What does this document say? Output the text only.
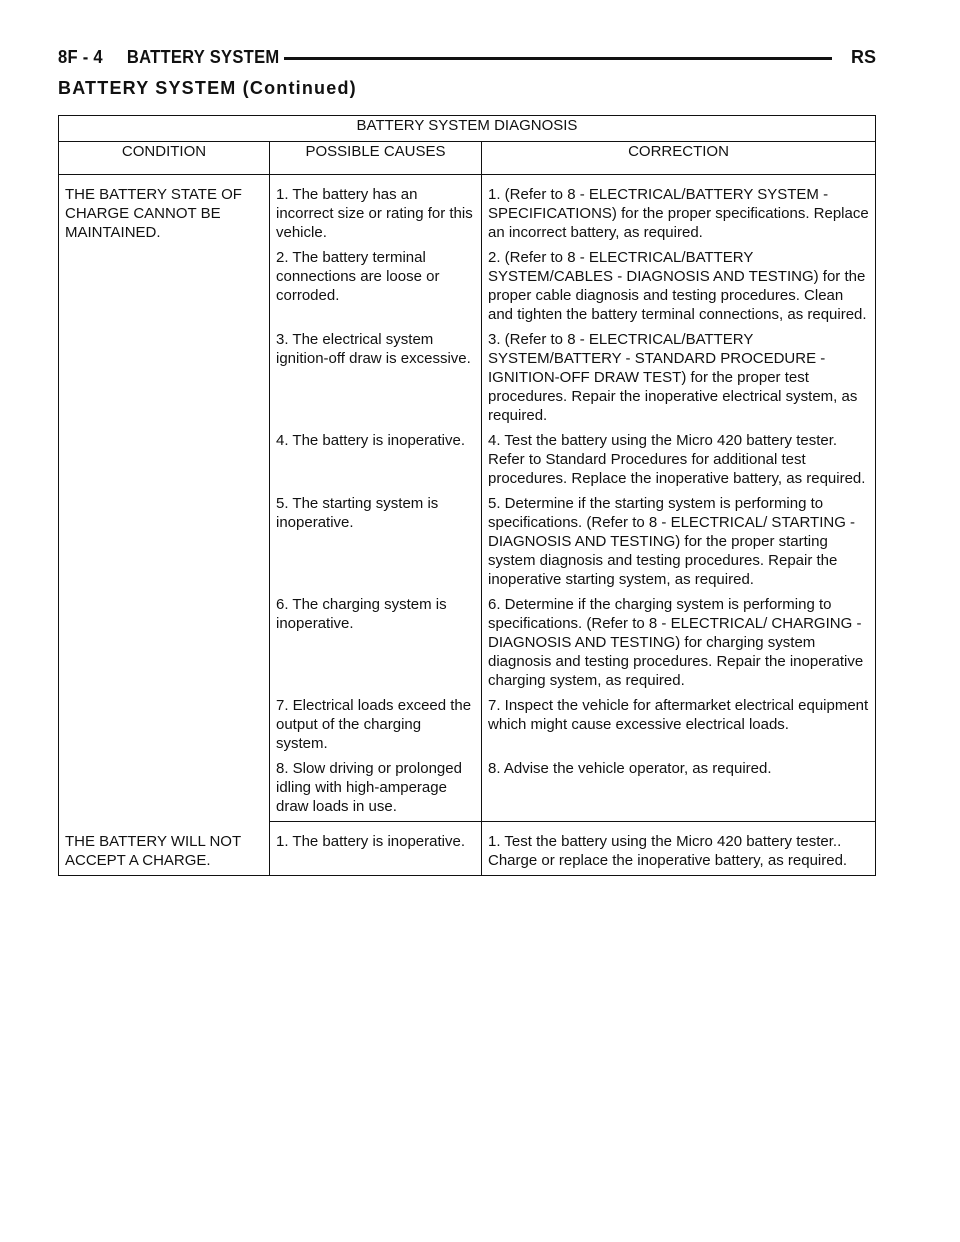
8F - 4 BATTERY SYSTEM	RS
BATTERY SYSTEM (Continued)
BATTERY SYSTEM DIAGNOSIS		
CONDITION	POSSIBLE CAUSES	CORRECTION
THE BATTERY STATE OF CHARGE CANNOT BE MAINTAINED.	1. The battery has an incorrect size or rating for this vehicle.	1. (Refer to 8 - ELECTRICAL/BATTERY SYSTEM - SPECIFICATIONS) for the proper specifications. Replace an incorrect battery, as required.
	2. The battery terminal connections are loose or corroded.	2. (Refer to 8 - ELECTRICAL/BATTERY SYSTEM/CABLES - DIAGNOSIS AND TESTING) for the proper cable diagnosis and testing procedures. Clean and tighten the battery terminal connections, as required.
	3. The electrical system ignition-off draw is excessive.	3. (Refer to 8 - ELECTRICAL/BATTERY SYSTEM/BATTERY - STANDARD PROCEDURE - IGNITION-OFF DRAW TEST) for the proper test procedures. Repair the inoperative electrical system, as required.
	4. The battery is inoperative.	4. Test the battery using the Micro 420 battery tester. Refer to Standard Procedures for additional test procedures. Replace the inoperative battery, as required.
	5. The starting system is inoperative.	5. Determine if the starting system is performing to specifications. (Refer to 8 - ELECTRICAL/ STARTING - DIAGNOSIS AND TESTING) for the proper starting system diagnosis and testing procedures. Repair the inoperative starting system, as required.
	6. The charging system is inoperative.	6. Determine if the charging system is performing to specifications. (Refer to 8 - ELECTRICAL/ CHARGING - DIAGNOSIS AND TESTING) for charging system diagnosis and testing procedures. Repair the inoperative charging system, as required.
	7. Electrical loads exceed the output of the charging system.	7. Inspect the vehicle for aftermarket electrical equipment which might cause excessive electrical loads.
	8. Slow driving or prolonged idling with high-amperage draw loads in use.	8. Advise the vehicle operator, as required.
THE BATTERY WILL NOT ACCEPT A CHARGE.	1. The battery is inoperative.	1. Test the battery using the Micro 420 battery tester.. Charge or replace the inoperative battery, as required.
